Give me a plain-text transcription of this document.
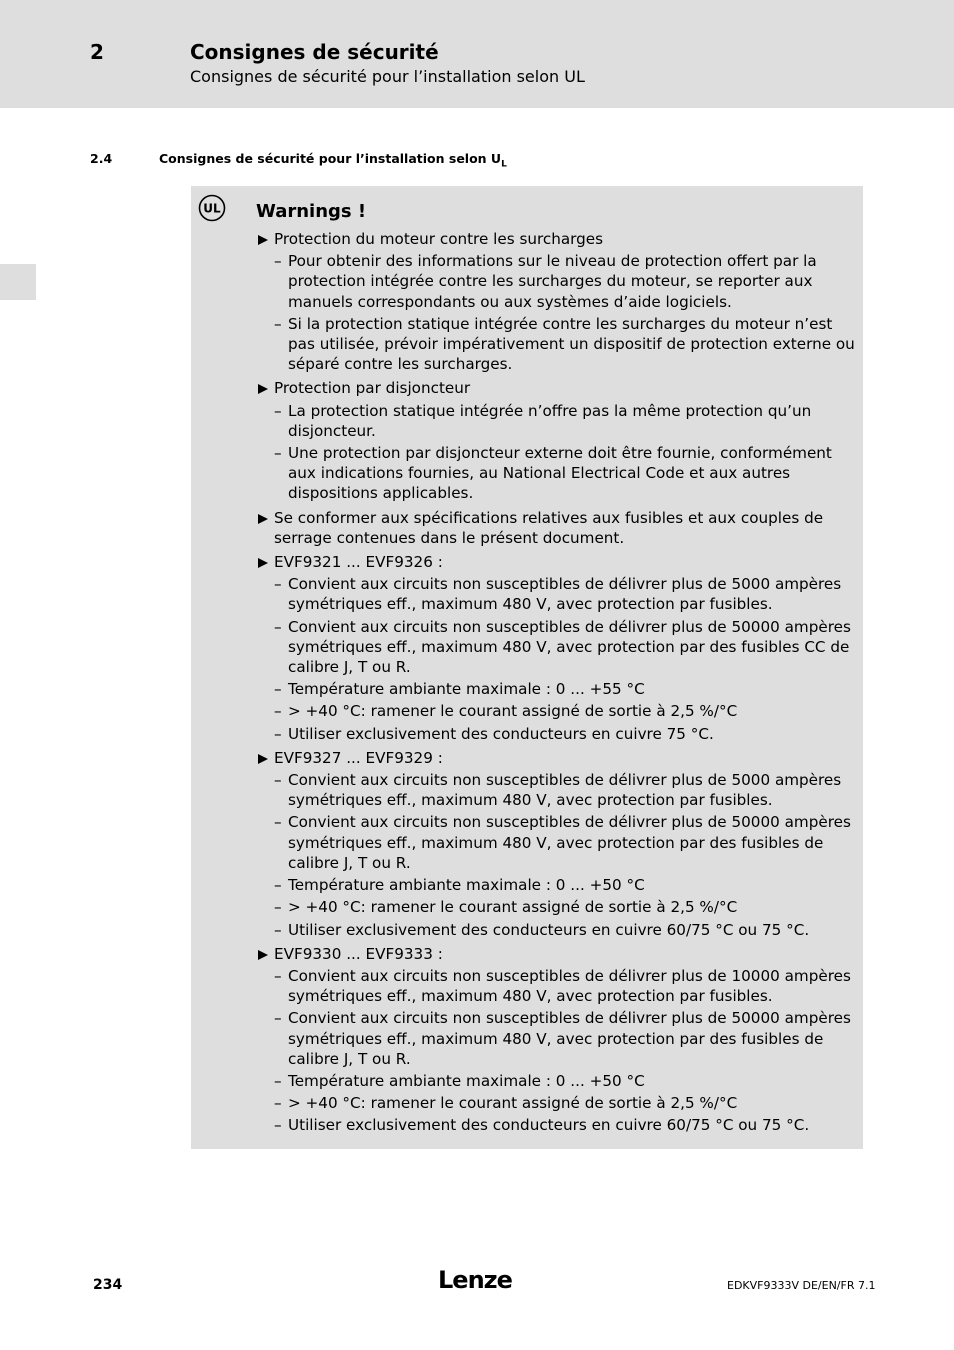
2	Consignes de sécurité
Consignes de sécurité pour l’installation selon UL
2.4	Consignes de sécurité pour l’installation selon $U_L$
UL Warnings !
Protection du moteur contre les surcharges
– Pour obtenir des informations sur le niveau de protection offert par la protection intégrée contre les surcharges du moteur, se reporter aux manuels correspondants ou aux systèmes d’aide logiciels.
– Si la protection statique intégrée contre les surcharges du moteur n’est pas utilisée, prévoir impérativement un dispositif de protection externe ou séparé contre les surcharges.
Protection par disjoncteur
– La protection statique intégrée n’offre pas la même protection qu’un disjoncteur.
– Une protection par disjoncteur externe doit être fournie, conformément aux indications fournies, au National Electrical Code et aux autres dispositions applicables.
Se conformer aux spécifications relatives aux fusibles et aux couples de serrage contenues dans le présent document.
EVF9321 ... EVF9326 :
– Convient aux circuits non susceptibles de délivrer plus de 5000 ampères symétriques eff., maximum 480 V, avec protection par fusibles.
– Convient aux circuits non susceptibles de délivrer plus de 50000 ampères symétriques eff., maximum 480 V, avec protection par des fusibles CC de calibre J, T ou R.
– Température ambiante maximale : 0 ... +55 °C
– > +40 °C: ramener le courant assigné de sortie à 2,5 %/°C
– Utiliser exclusivement des conducteurs en cuivre 75 °C.
EVF9327 ... EVF9329 :
– Convient aux circuits non susceptibles de délivrer plus de 5000 ampères symétriques eff., maximum 480 V, avec protection par fusibles.
– Convient aux circuits non susceptibles de délivrer plus de 50000 ampères symétriques eff., maximum 480 V, avec protection par des fusibles de calibre J, T ou R.
– Température ambiante maximale : 0 ... +50 °C
– > +40 °C: ramener le courant assigné de sortie à 2,5 %/°C
– Utiliser exclusivement des conducteurs en cuivre 60/75 °C ou 75 °C.
EVF9330 ... EVF9333 :
– Convient aux circuits non susceptibles de délivrer plus de 10000 ampères symétriques eff., maximum 480 V, avec protection par fusibles.
– Convient aux circuits non susceptibles de délivrer plus de 50000 ampères symétriques eff., maximum 480 V, avec protection par des fusibles de calibre J, T ou R.
– Température ambiante maximale : 0 ... +50 °C
– > +40 °C: ramener le courant assigné de sortie à 2,5 %/°C
– Utiliser exclusivement des conducteurs en cuivre 60/75 °C ou 75 °C.
234	Lenze	EDKVF9333V DE/EN/FR 7.1
